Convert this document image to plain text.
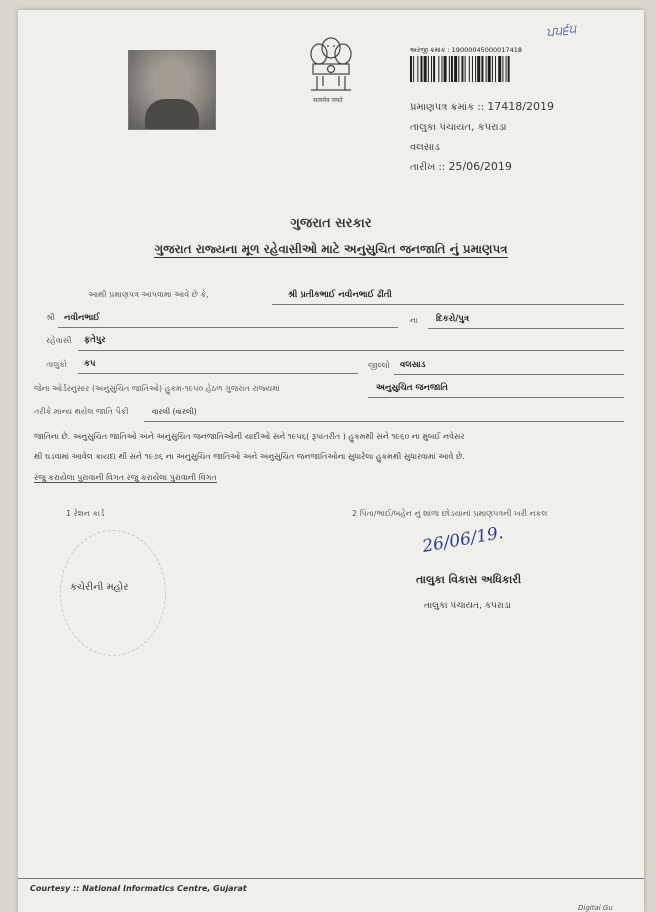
सत्यमेव जयते
ਪ੫੬੫
અરજી ક્રમાંક : 19000045000017418
પ્રમાણપત્ર ક્રમાંક :: 17418/2019
તાલુકા પંચાયત, કપરાડા
વલસાડ
તારીખ :: 25/06/2019
ગુજરાત સરકાર
ગુજરાત રાજ્યના મૂળ રહેવાસીઓ માટે અનુસુચિત જનજાતિ નું પ્રમાણપત્ર
આથી પ્રમાણપત્ર આપવામાં આવે છે કે,	શ્રી પ્રતીકભાઈ નવીનભાઈ ઢીંતી
શ્રી નવીનભાઈ	ના દિકરો/પુત્ર
રહેવાસી ફતેપુર
તાલુકો કપ	જીલ્લો વલસાડ
જેના ઓર્ડરનુસાર (અનુસુચિત જાતિઓ) હુકમ-૧૯૫૦ હેઠળ ગુજરાત રાજ્યમાં	અનુસુચિત જનજાતિ
તરીકે માન્ય થયેલ જાતિ પૈકી	વારલી (વારલી)
જાતિના છે. અનુસુચિત જાતિઓ અને અનુસુચિત જનજાતિઓની યાદીઓ સને ૧૯૫૬( રૂપાંતરીત ) હુકમથી સને ૧૯૬૦ ના મુંબઈ નવેસર
થી ઘડવામાં આવેલ કાયદા થી સને ૧૯૭૬ ના અનુસુચિત જાતિઓ અને અનુસુચિત જનજાતિઓના સુધારેલા હુકમથી સુધારવામાં આવે છે.
રજુ કરાયેલા પુરાવાની વિગત રજુ કરાયેલા પુરાવાની વિગત
1 રેશન કાર્ડ	2 પિતા/ભાઈ/બહેન નું શાળા છોડયાનાં પ્રમાણપત્રની ખરી નકલ
કચેરીની મહોર
26/06/19.
તાલુકા વિકાસ અધિકારી
તાલુકા પંચાયત, કપરાડા
Courtesy :: National Informatics Centre, Gujarat
Digital Gu
